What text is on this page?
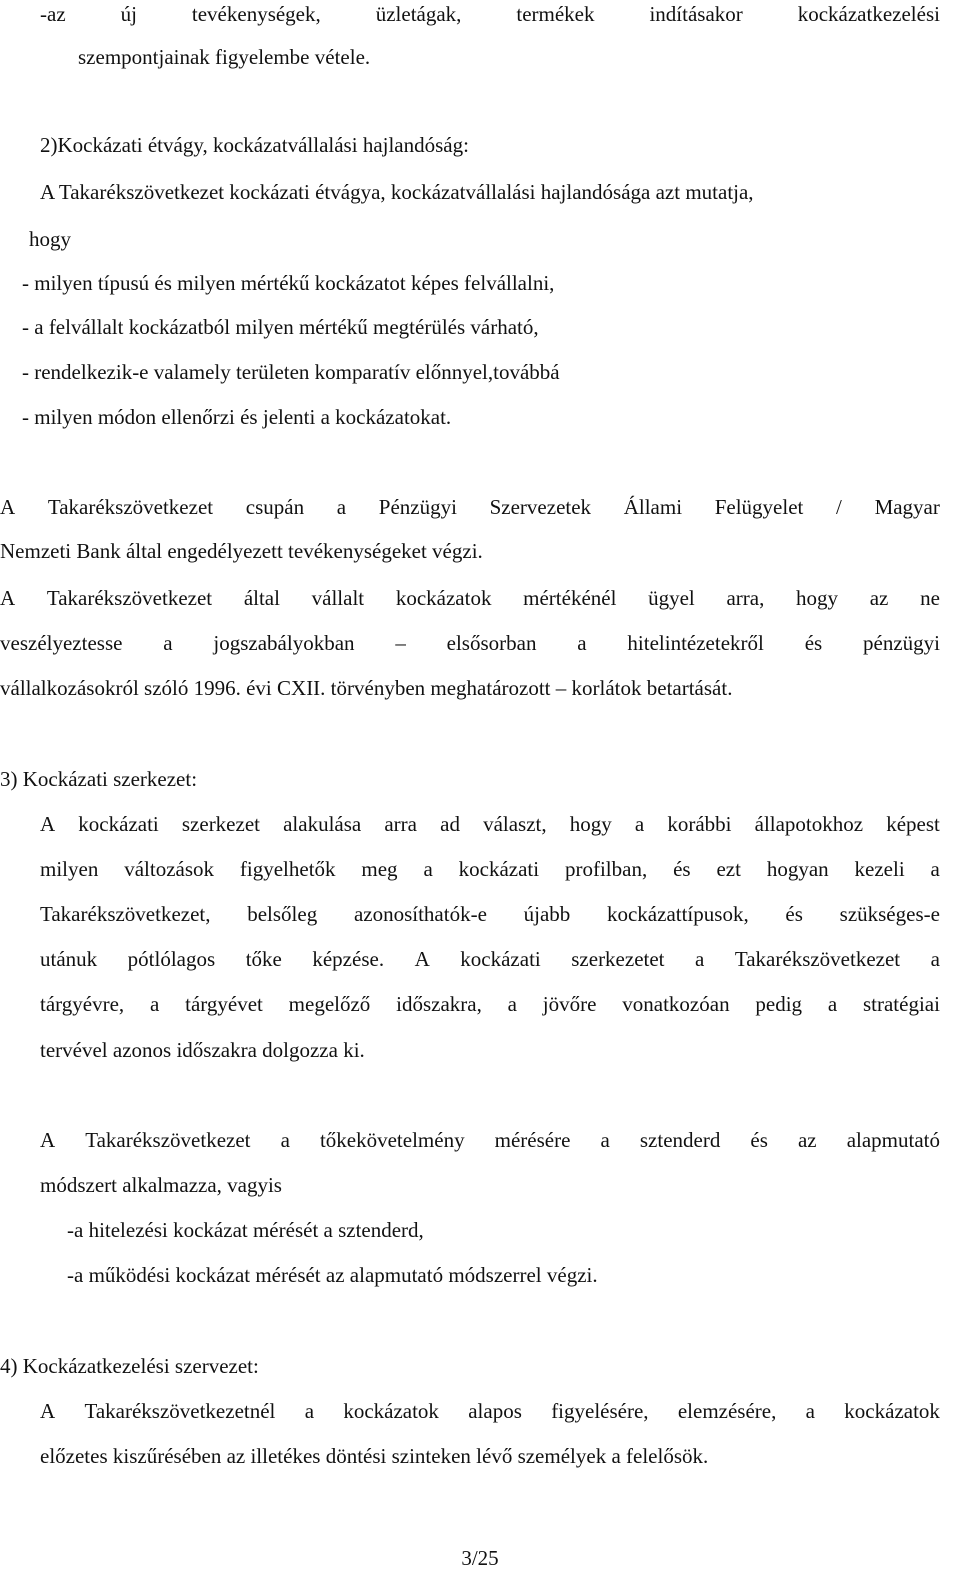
-az	új	tevékenységek,	üzletágak,	termékek	indításakor	kockázatkezelési
szempontjainak figyelembe vétele.
2)Kockázati étvágy, kockázatvállalási hajlandóság:
A Takarékszövetkezet kockázati étvágya, kockázatvállalási hajlandósága azt mutatja,
hogy
- milyen típusú és milyen mértékű kockázatot képes felvállalni,
- a felvállalt kockázatból milyen mértékű megtérülés várható,
- rendelkezik-e valamely területen komparatív előnnyel,továbbá
- milyen módon ellenőrzi és jelenti a kockázatokat.
A Takarékszövetkezet csupán a Pénzügyi Szervezetek Állami Felügyelet / Magyar
Nemzeti Bank által engedélyezett tevékenységeket végzi.
A Takarékszövetkezet által vállalt kockázatok mértékénél ügyel arra, hogy az ne
veszélyeztesse a jogszabályokban – elsősorban a hitelintézetekről és pénzügyi
vállalkozásokról szóló 1996. évi CXII. törvényben meghatározott – korlátok betartását.
3) Kockázati szerkezet:
A kockázati szerkezet alakulása arra ad választ, hogy a korábbi állapotokhoz képest
milyen változások figyelhetők meg a kockázati profilban, és ezt hogyan kezeli a
Takarékszövetkezet, belsőleg azonosíthatók-e újabb kockázattípusok, és szükséges-e
utánuk pótlólagos tőke képzése. A kockázati szerkezetet a Takarékszövetkezet a
tárgyévre, a tárgyévet megelőző időszakra, a jövőre vonatkozóan pedig a stratégiai
tervével azonos időszakra dolgozza ki.
A Takarékszövetkezet a tőkekövetelmény mérésére a sztenderd és az alapmutató
módszert alkalmazza, vagyis
-a hitelezési kockázat mérését a sztenderd,
-a működési kockázat mérését az alapmutató módszerrel végzi.
4) Kockázatkezelési szervezet:
A Takarékszövetkezetnél a kockázatok alapos figyelésére, elemzésére, a kockázatok
előzetes kiszűrésében az illetékes döntési szinteken lévő személyek a felelősök.
3/25
